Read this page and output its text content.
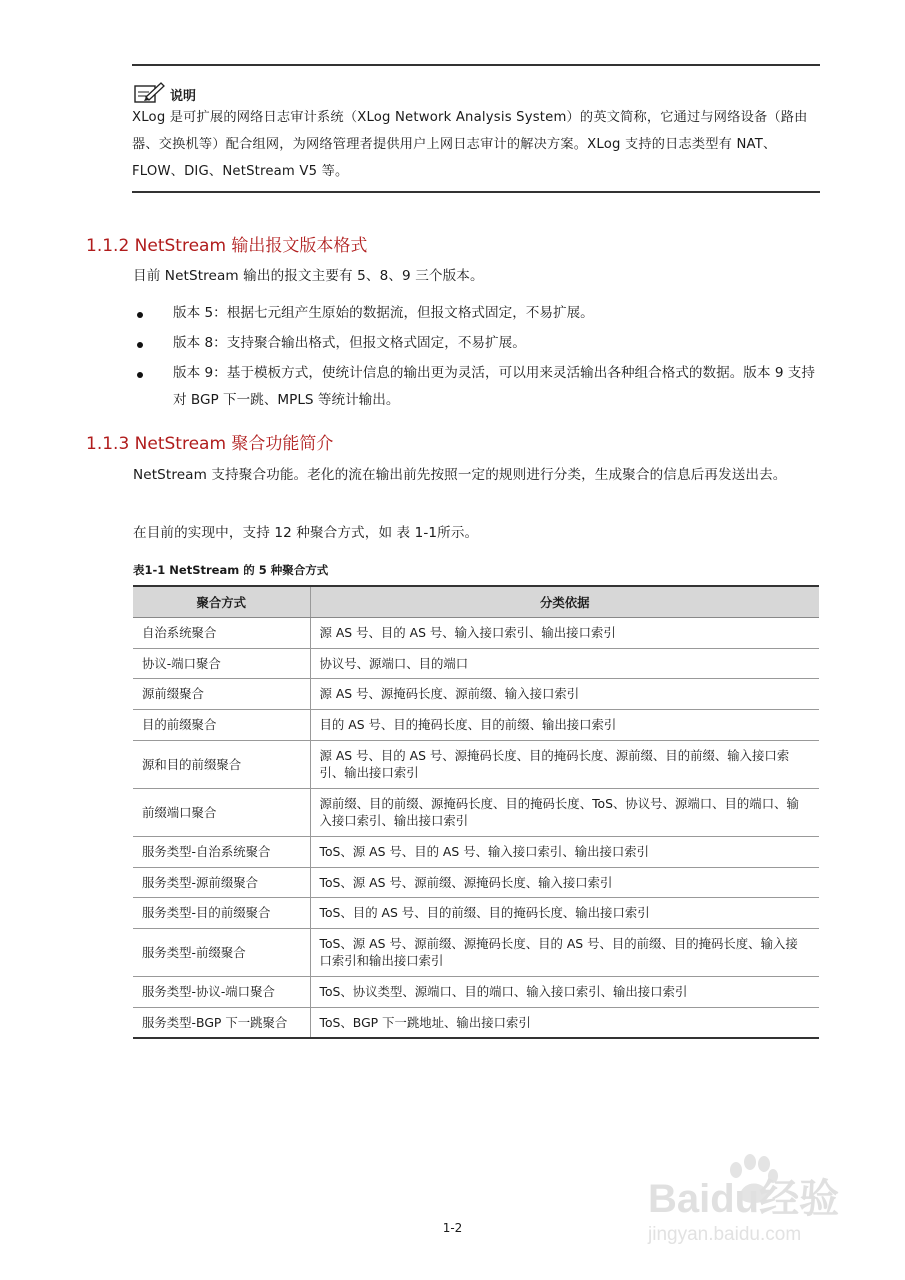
说明
XLog 是可扩展的网络日志审计系统（XLog Network Analysis System）的英文简称，它通过与网络设备（路由器、交换机等）配合组网，为网络管理者提供用户上网日志审计的解决方案。XLog 支持的日志类型有 NAT、FLOW、DIG、NetStream V5 等。
1.1.2 NetStream 输出报文版本格式
目前 NetStream 输出的报文主要有 5、8、9 三个版本。
版本 5：根据七元组产生原始的数据流，但报文格式固定，不易扩展。
版本 8：支持聚合输出格式，但报文格式固定，不易扩展。
版本 9：基于模板方式，使统计信息的输出更为灵活，可以用来灵活输出各种组合格式的数据。版本 9 支持对 BGP 下一跳、MPLS 等统计输出。
1.1.3 NetStream 聚合功能简介
NetStream 支持聚合功能。老化的流在输出前先按照一定的规则进行分类，生成聚合的信息后再发送出去。
在目前的实现中，支持 12 种聚合方式，如 表 1-1所示。
表1-1 NetStream 的 5 种聚合方式
聚合方式	分类依据
自治系统聚合	源 AS 号、目的 AS 号、输入接口索引、输出接口索引
协议-端口聚合	协议号、源端口、目的端口
源前缀聚合	源 AS 号、源掩码长度、源前缀、输入接口索引
目的前缀聚合	目的 AS 号、目的掩码长度、目的前缀、输出接口索引
源和目的前缀聚合	源 AS 号、目的 AS 号、源掩码长度、目的掩码长度、源前缀、目的前缀、输入接口索引、输出接口索引
前缀端口聚合	源前缀、目的前缀、源掩码长度、目的掩码长度、ToS、协议号、源端口、目的端口、输入接口索引、输出接口索引
服务类型-自治系统聚合	ToS、源 AS 号、目的 AS 号、输入接口索引、输出接口索引
服务类型-源前缀聚合	ToS、源 AS 号、源前缀、源掩码长度、输入接口索引
服务类型-目的前缀聚合	ToS、目的 AS 号、目的前缀、目的掩码长度、输出接口索引
服务类型-前缀聚合	ToS、源 AS 号、源前缀、源掩码长度、目的 AS 号、目的前缀、目的掩码长度、输入接口索引和输出接口索引
服务类型-协议-端口聚合	ToS、协议类型、源端口、目的端口、输入接口索引、输出接口索引
服务类型-BGP 下一跳聚合	ToS、BGP 下一跳地址、输出接口索引
Baidu经验
jingyan.baidu.com
1-2
